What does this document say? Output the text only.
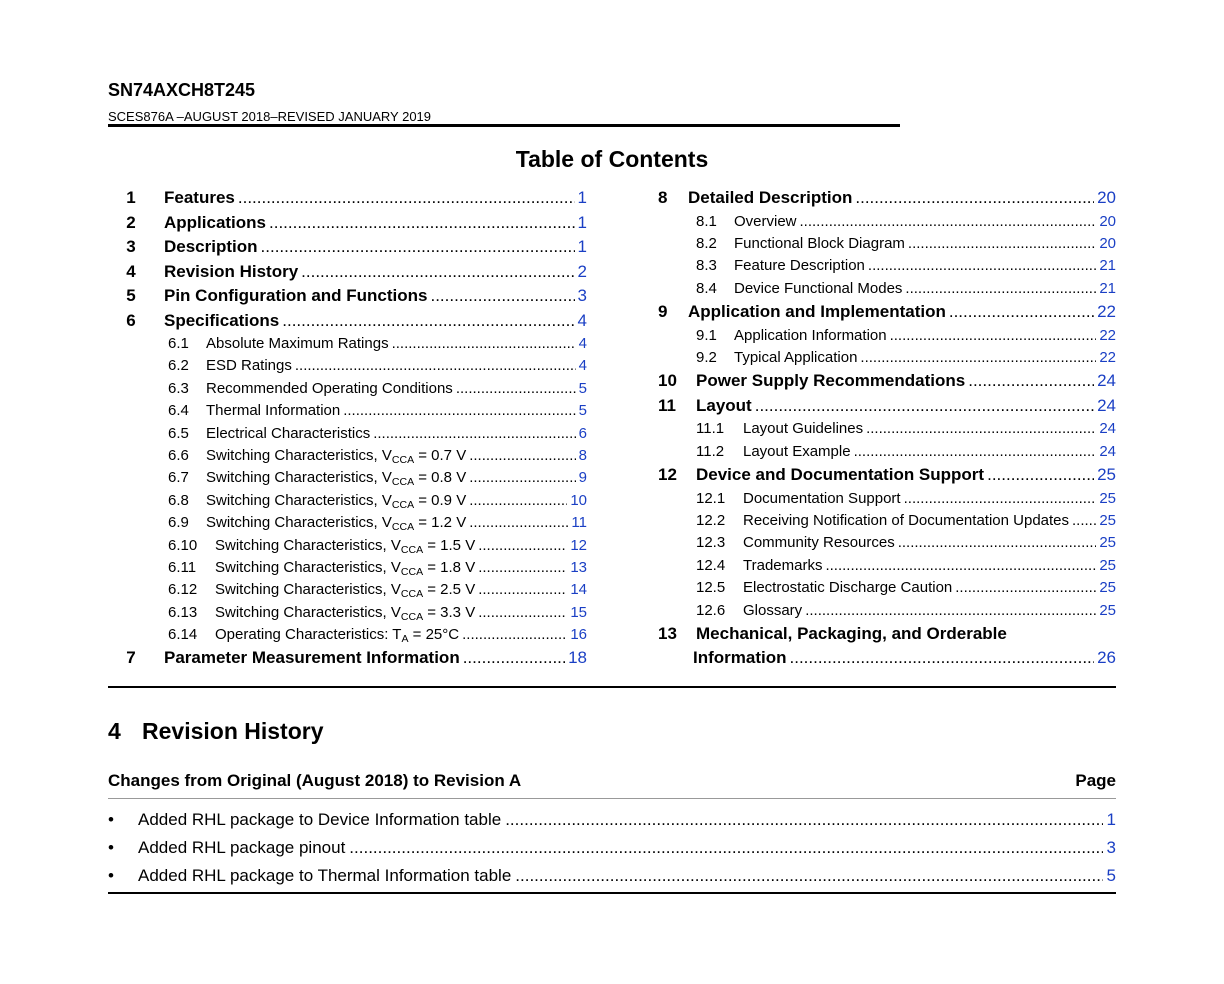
SN74AXCH8T245
SCES876A –AUGUST 2018–REVISED JANUARY 2019
Table of Contents
1	Features .....	1
2	Applications .....	1
3	Description .....	1
4	Revision History .....	2
5	Pin Configuration and Functions .....	3
6	Specifications .....	4
6.1	Absolute Maximum Ratings .....	4
6.2	ESD Ratings .....	4
6.3	Recommended Operating Conditions .....	5
6.4	Thermal Information .....	5
6.5	Electrical Characteristics .....	6
6.6	Switching Characteristics, $V_{CCA} = 0.7$ V .....	8
6.7	Switching Characteristics, $V_{CCA} = 0.8$ V .....	9
6.8	Switching Characteristics, $V_{CCA} = 0.9$ V .....	10
6.9	Switching Characteristics, $V_{CCA} = 1.2$ V .....	11
6.10	Switching Characteristics, $V_{CCA} = 1.5$ V .....	12
6.11	Switching Characteristics, $V_{CCA} = 1.8$ V .....	13
6.12	Switching Characteristics, $V_{CCA} = 2.5$ V .....	14
6.13	Switching Characteristics, $V_{CCA} = 3.3$ V .....	15
6.14	Operating Characteristics: $T_A = 25^\circ C$ .....	16
7	Parameter Measurement Information .....	18
8	Detailed Description .....	20
8.1	Overview .....	20
8.2	Functional Block Diagram .....	20
8.3	Feature Description .....	21
8.4	Device Functional Modes .....	21
9	Application and Implementation .....	22
9.1	Application Information .....	22
9.2	Typical Application .....	22
10	Power Supply Recommendations .....	24
11	Layout .....	24
11.1	Layout Guidelines .....	24
11.2	Layout Example .....	24
12	Device and Documentation Support .....	25
12.1	Documentation Support .....	25
12.2	Receiving Notification of Documentation Updates ..... 25
12.3	Community Resources .....	25
12.4	Trademarks .....	25
12.5	Electrostatic Discharge Caution .....	25
12.6	Glossary .....	25
13	Mechanical, Packaging, and Orderable
Information .....	26
4 Revision History
Changes from Original (August 2018) to Revision A	Page
•	Added RHL package to Device Information table .....	1
•	Added RHL package pinout .....	3
•	Added RHL package to Thermal Information table .....	5
